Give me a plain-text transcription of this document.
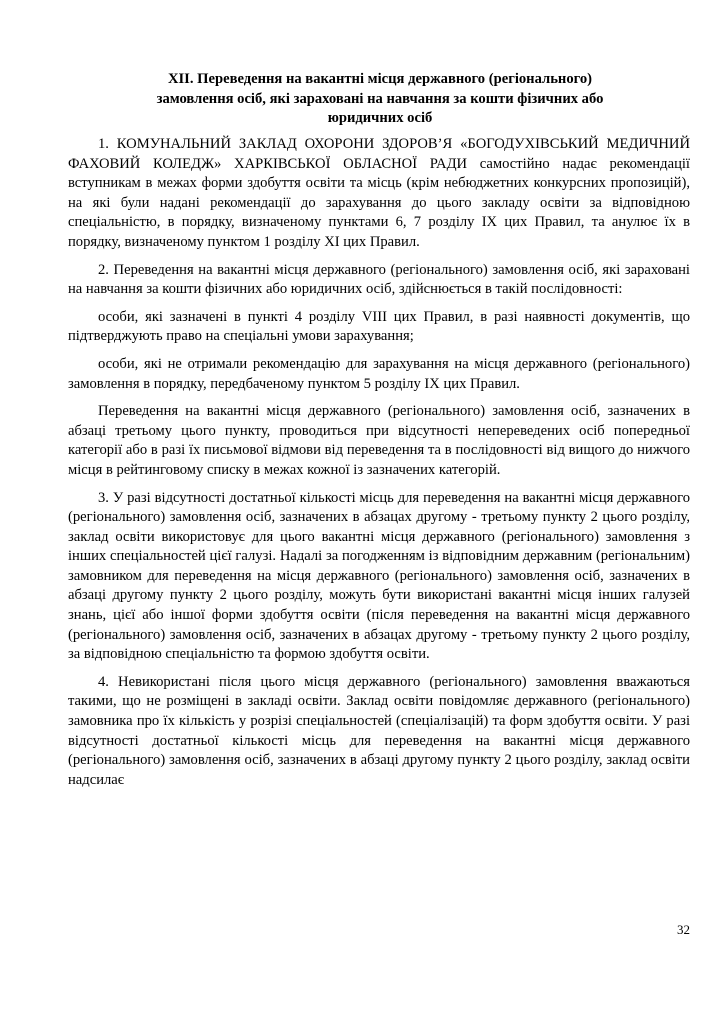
XII. Переведення на вакантні місця державного (регіонального)
замовлення осіб, які зараховані на навчання за кошти фізичних або
юридичних осіб

1. КОМУНАЛЬНИЙ ЗАКЛАД ОХОРОНИ ЗДОРОВ’Я «БОГОДУХІВСЬКИЙ МЕДИЧНИЙ ФАХОВИЙ КОЛЕДЖ» ХАРКІВСЬКОЇ ОБЛАСНОЇ РАДИ самостійно надає рекомендації вступникам в межах форми здобуття освіти та місць (крім небюджетних конкурсних пропозицій), на які були надані рекомендації до зарахування до цього закладу освіти за відповідною спеціальністю, в порядку, визначеному пунктами 6, 7 розділу IX цих Правил, та анулює їх в порядку, визначеному пунктом 1 розділу XI цих Правил.

2. Переведення на вакантні місця державного (регіонального) замовлення осіб, які зараховані на навчання за кошти фізичних або юридичних осіб, здійснюється в такій послідовності:

особи, які зазначені в пункті 4 розділу VIII цих Правил, в разі наявності документів, що підтверджують право на спеціальні умови зарахування;

особи, які не отримали рекомендацію для зарахування на місця державного (регіонального) замовлення в порядку, передбаченому пунктом 5 розділу IX цих Правил.

Переведення на вакантні місця державного (регіонального) замовлення осіб, зазначених в абзаці третьому цього пункту, проводиться при відсутності непереведених осіб попередньої категорії або в разі їх письмової відмови від переведення та в послідовності від вищого до нижчого місця в рейтинговому списку в межах кожної із зазначених категорій.

3. У разі відсутності достатньої кількості місць для переведення на вакантні місця державного (регіонального) замовлення осіб, зазначених в абзацах другому - третьому пункту 2 цього розділу, заклад освіти використовує для цього вакантні місця державного (регіонального) замовлення з інших спеціальностей цієї галузі. Надалі за погодженням із відповідним державним (регіональним) замовником для переведення на місця державного (регіонального) замовлення осіб, зазначених в абзаці другому пункту 2 цього розділу, можуть бути використані вакантні місця інших галузей знань, цієї або іншої форми здобуття освіти (після переведення на вакантні місця державного (регіонального) замовлення осіб, зазначених в абзацах другому - третьому пункту 2 цього розділу, за відповідною спеціальністю та формою здобуття освіти.

4. Невикористані після цього місця державного (регіонального) замовлення вважаються такими, що не розміщені в закладі освіти. Заклад освіти повідомляє державного (регіонального) замовника про їх кількість у розрізі спеціальностей (спеціалізацій) та форм здобуття освіти. У разі відсутності достатньої кількості місць для переведення на вакантні місця державного (регіонального) замовлення осіб, зазначених в абзаці другому пункту 2 цього розділу, заклад освіти надсилає

32
